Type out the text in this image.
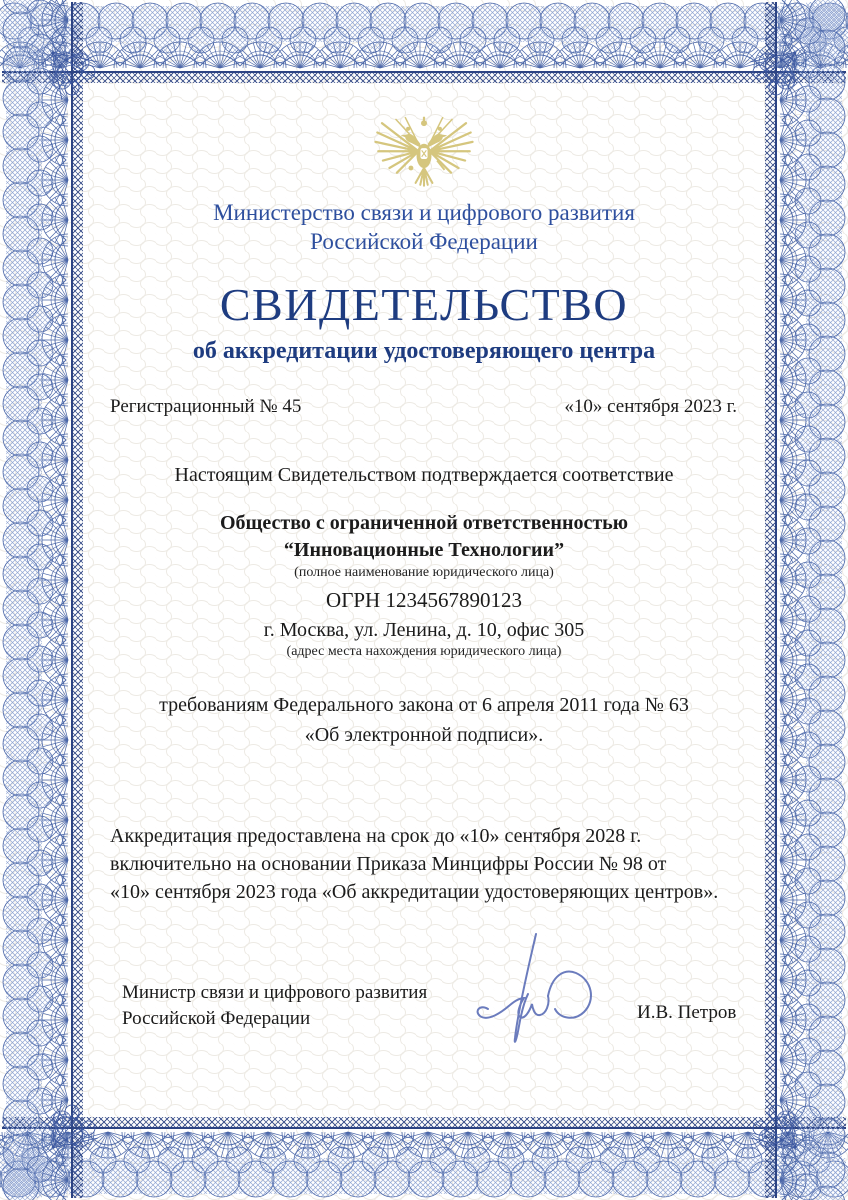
Министерство связи и цифрового развития
Российской Федерации
СВИДЕТЕЛЬСТВО
об аккредитации удостоверяющего центра
Регистрационный № 45	«10» сентября 2023 г.
Настоящим Свидетельством подтверждается соответствие
Общество с ограниченной ответственностью
“Инновационные Технологии”
(полное наименование юридического лица)
ОГРН 1234567890123
г. Москва, ул. Ленина, д. 10, офис 305
(адрес места нахождения юридического лица)
требованиям Федерального закона от 6 апреля 2011 года № 63
«Об электронной подписи».
Аккредитация предоставлена на срок до «10» сентября 2028 г.
включительно на основании Приказа Минцифры России № 98 от
«10» сентября 2023 года «Об аккредитации удостоверяющих центров».
Министр связи и цифрового развития
Российской Федерации	И.В. Петров
